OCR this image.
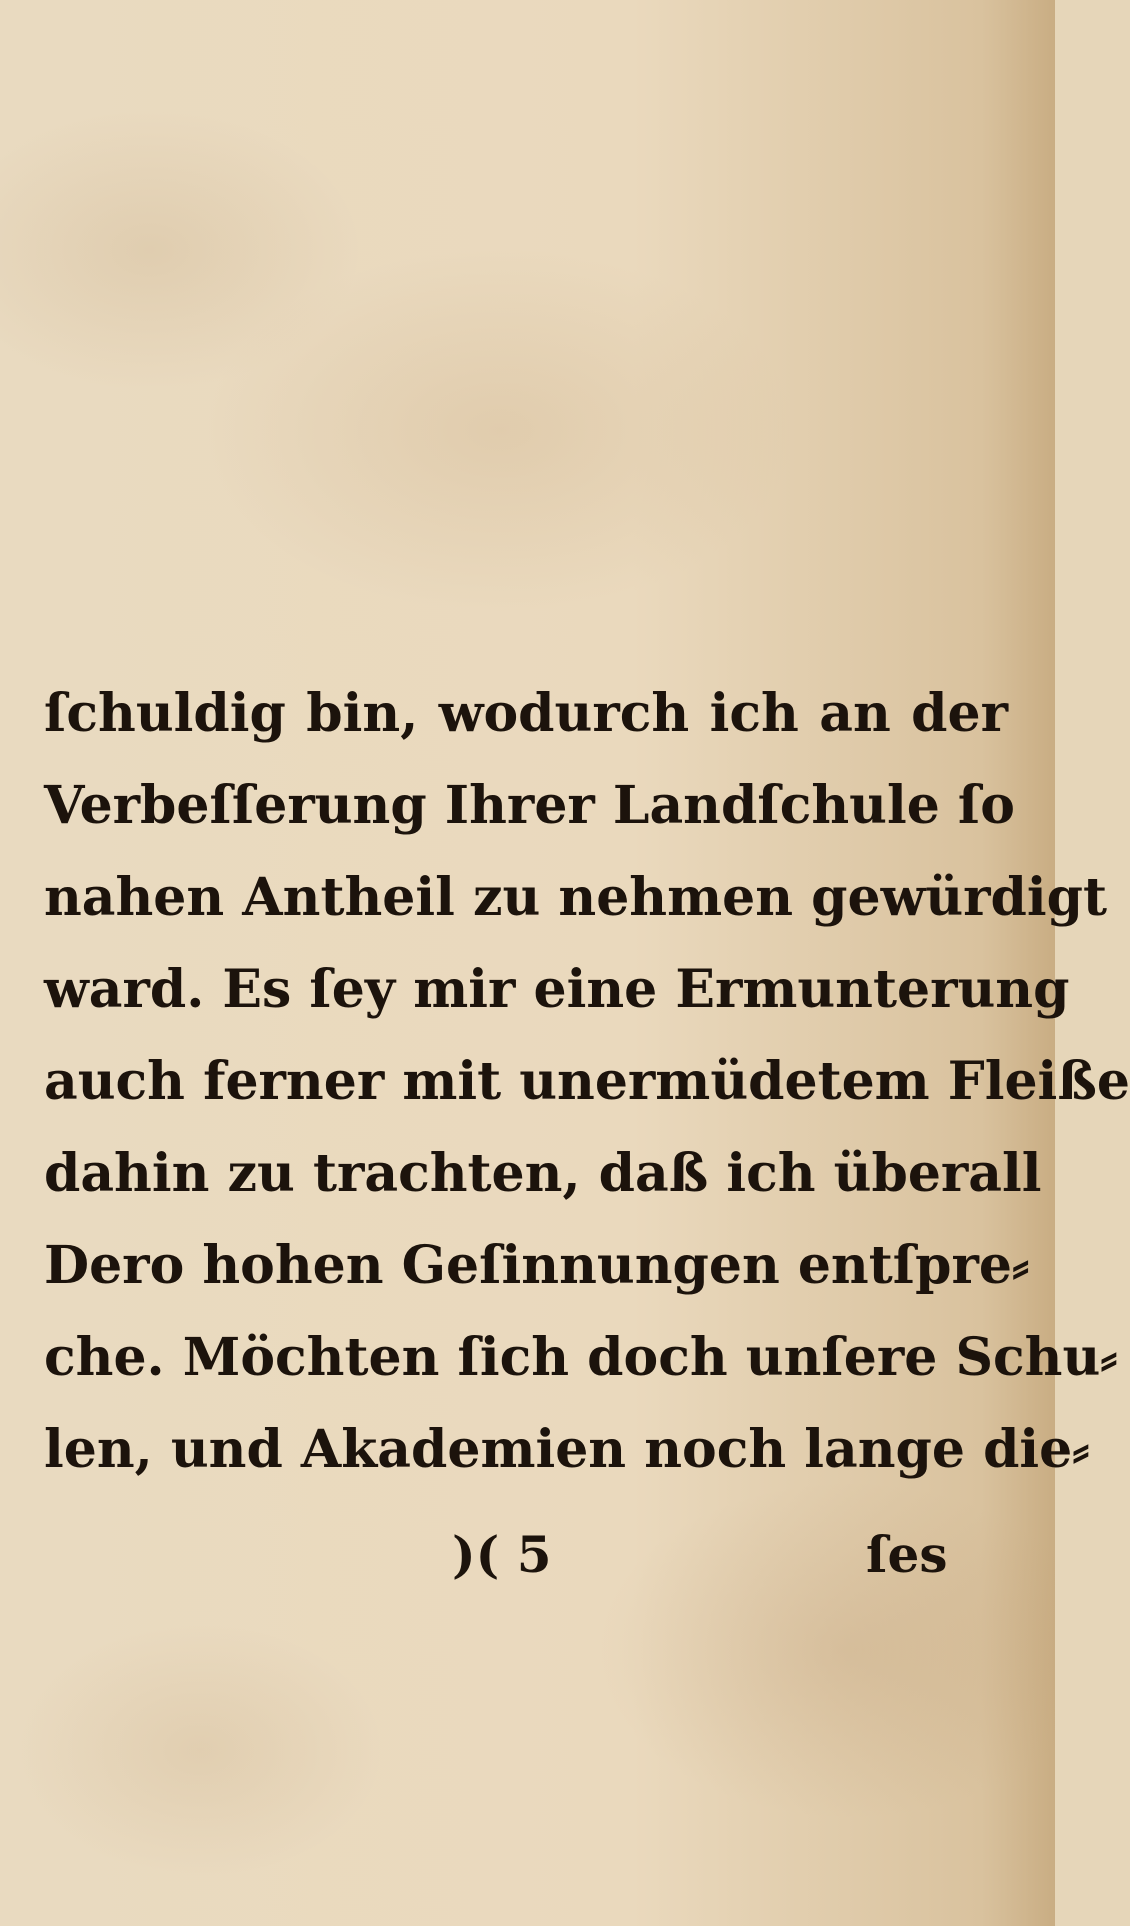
ſchuldig bin, wodurch ich an der
Verbeſſerung Ihrer Landſchule ſo
nahen Antheil zu nehmen gewürdigt
ward. Es ſey mir eine Ermunterung
auch ferner mit unermüdetem Fleiße
dahin zu trachten, daß ich überall
Dero hohen Geſinnungen entſpre⸗
che. Möchten ſich doch unſere Schu⸗
len, und Akademien noch lange die⸗
)( 5	ſes
